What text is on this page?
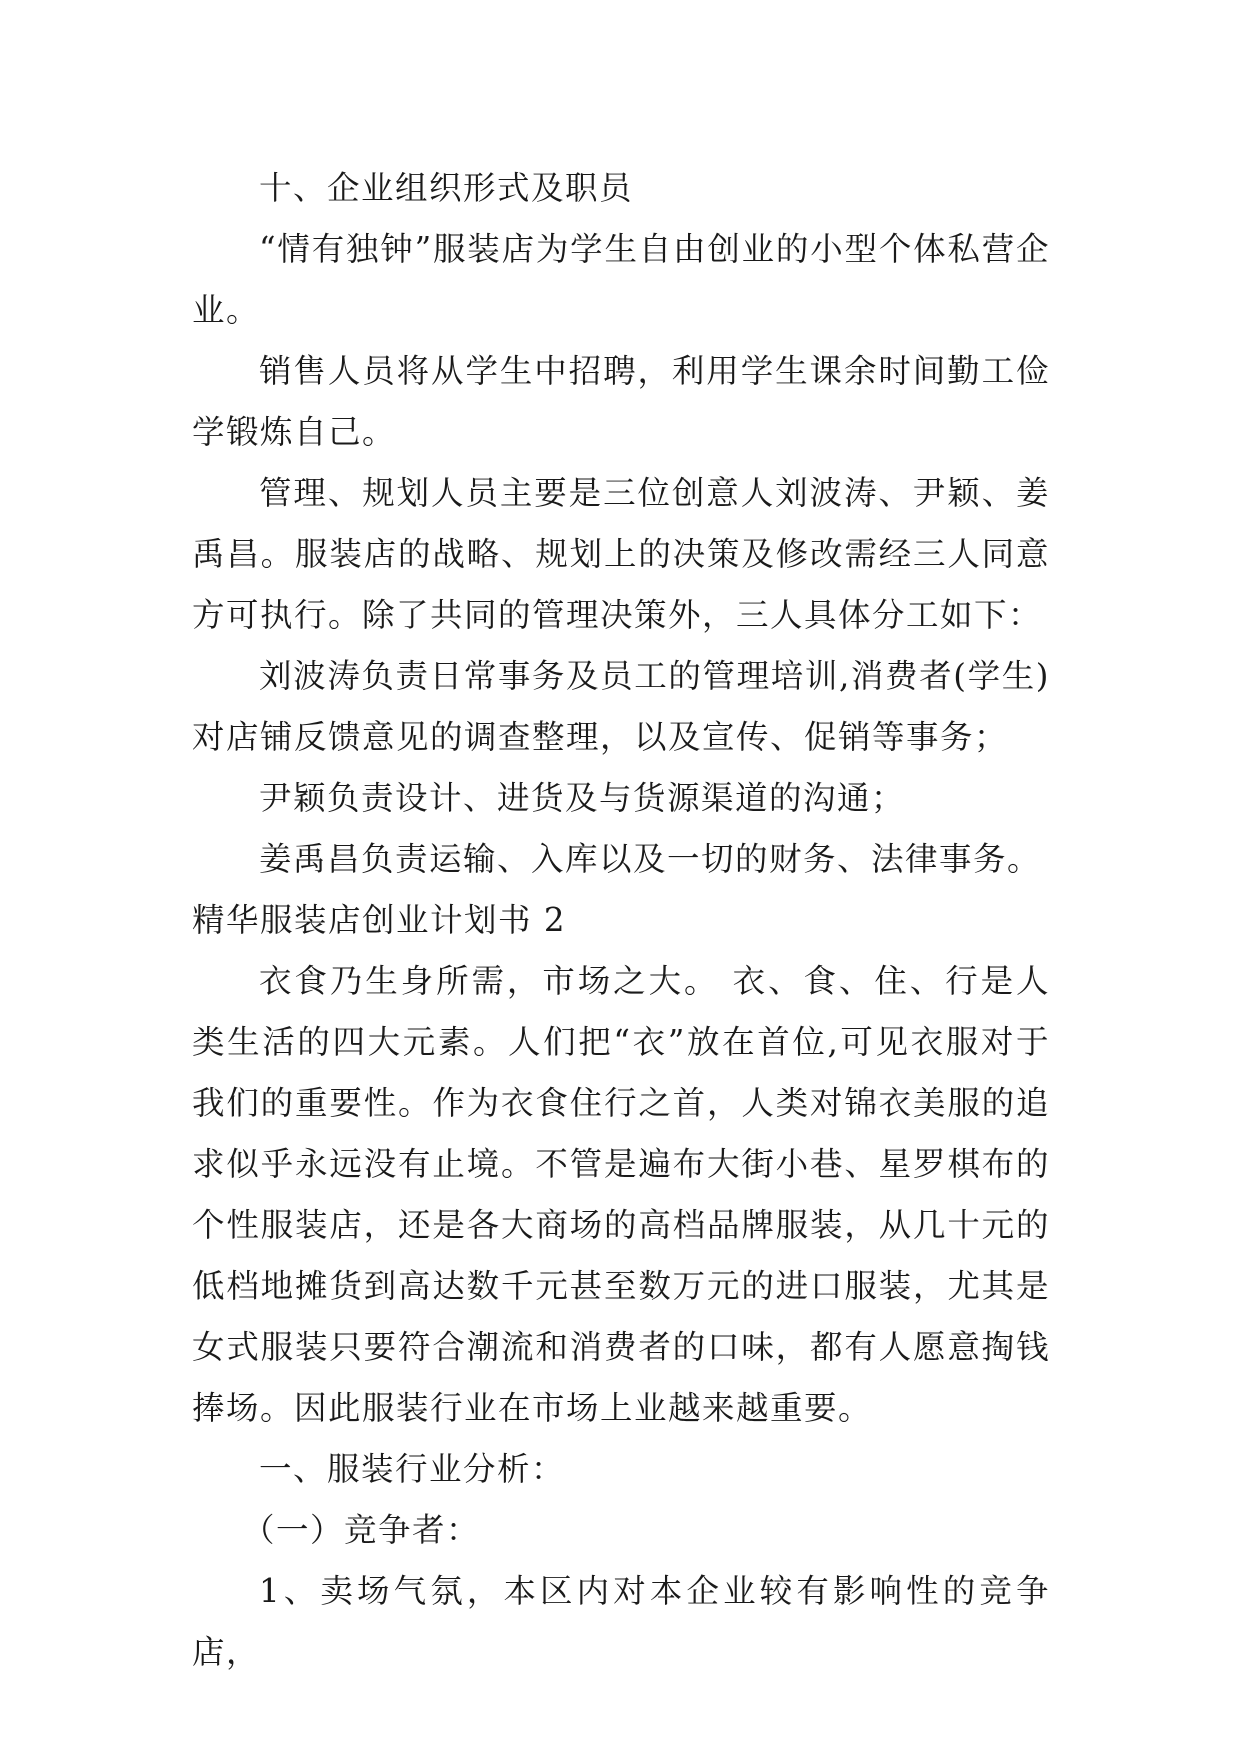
十、企业组织形式及职员

“情有独钟”服装店为学生自由创业的小型个体私营企业。

销售人员将从学生中招聘，利用学生课余时间勤工俭学锻炼自己。

管理、规划人员主要是三位创意人刘波涛、尹颖、姜禹昌。服装店的战略、规划上的决策及修改需经三人同意方可执行。除了共同的管理决策外，三人具体分工如下：

刘波涛负责日常事务及员工的管理培训,消费者(学生)对店铺反馈意见的调查整理，以及宣传、促销等事务；

尹颖负责设计、进货及与货源渠道的沟通；

姜禹昌负责运输、入库以及一切的财务、法律事务。

精华服装店创业计划书 2

衣食乃生身所需，市场之大。 衣、食、住、行是人类生活的四大元素。人们把“衣”放在首位,可见衣服对于我们的重要性。作为衣食住行之首，人类对锦衣美服的追求似乎永远没有止境。不管是遍布大街小巷、星罗棋布的个性服装店，还是各大商场的高档品牌服装，从几十元的低档地摊货到高达数千元甚至数万元的进口服装，尤其是女式服装只要符合潮流和消费者的口味，都有人愿意掏钱捧场。因此服装行业在市场上业越来越重要。

一、服装行业分析：

（一）竞争者：

1、卖场气氛，本区内对本企业较有影响性的竞争店，
